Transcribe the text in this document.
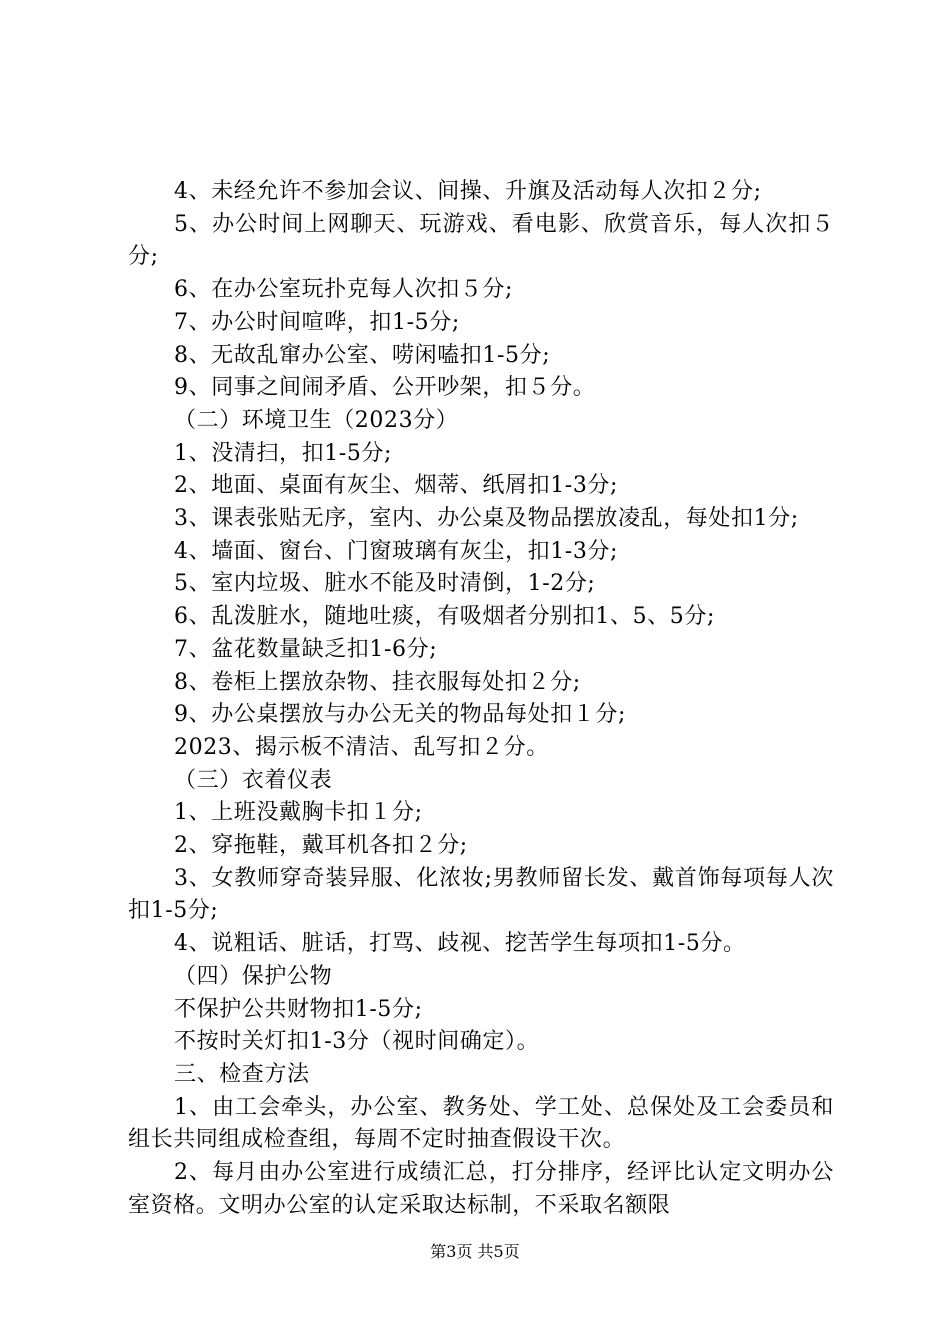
4、未经允许不参加会议、间操、升旗及活动每人次扣２分;

5、办公时间上网聊天、玩游戏、看电影、欣赏音乐，每人次扣５分;

6、在办公室玩扑克每人次扣５分;

7、办公时间喧哗，扣1-5分;

8、无故乱窜办公室、唠闲嗑扣1-5分;

9、同事之间闹矛盾、公开吵架，扣５分。

（二）环境卫生（2023分）

1、没清扫，扣1-5分;

2、地面、桌面有灰尘、烟蒂、纸屑扣1-3分;

3、课表张贴无序，室内、办公桌及物品摆放凌乱，每处扣1分;

4、墙面、窗台、门窗玻璃有灰尘，扣1-3分;

5、室内垃圾、脏水不能及时清倒，1-2分;

6、乱泼脏水，随地吐痰，有吸烟者分别扣1、5、5分;

7、盆花数量缺乏扣1-6分;

8、卷柜上摆放杂物、挂衣服每处扣２分;

9、办公桌摆放与办公无关的物品每处扣１分;

2023、揭示板不清洁、乱写扣２分。

（三）衣着仪表

1、上班没戴胸卡扣１分;

2、穿拖鞋，戴耳机各扣２分;

3、女教师穿奇装异服、化浓妆;男教师留长发、戴首饰每项每人次扣1-5分;

4、说粗话、脏话，打骂、歧视、挖苦学生每项扣1-5分。

（四）保护公物

不保护公共财物扣1-5分;

不按时关灯扣1-3分（视时间确定）。

三、检查方法

1、由工会牵头，办公室、教务处、学工处、总保处及工会委员和组长共同组成检查组，每周不定时抽查假设干次。

2、每月由办公室进行成绩汇总，打分排序，经评比认定文明办公室资格。文明办公室的认定采取达标制，不采取名额限

第3页 共5页
